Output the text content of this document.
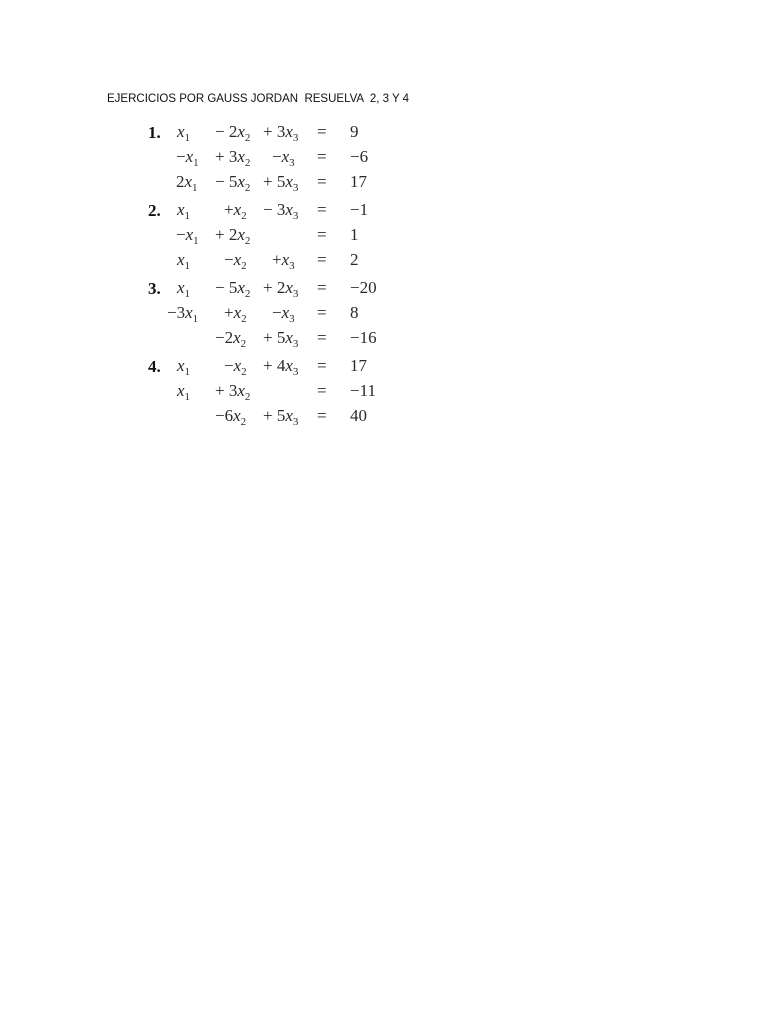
EJERCICIOS POR GAUSS JORDAN  RESUELVA  2, 3 Y 4
1. $x_1 - 2x_2 + 3x_3 = 9$
$-x_1 + 3x_2 -x_3 = -6$
$2x_1 - 5x_2 + 5x_3 = 17$
2. $x_1 +x_2 - 3x_3 = -1$
$-x_1 + 2x_2$	= 1
$x_1 -x_2 +x_3 = 2$
3. $x_1 - 5x_2 + 2x_3 = -20$
$-3x_1 +x_2 -x_3 = 8$
$-2x_2 + 5x_3 = -16$
4. $x_1 -x_2 + 4x_3 = 17$
$x_1 + 3x_2$	= −11
$-6x_2 + 5x_3 = 40$
